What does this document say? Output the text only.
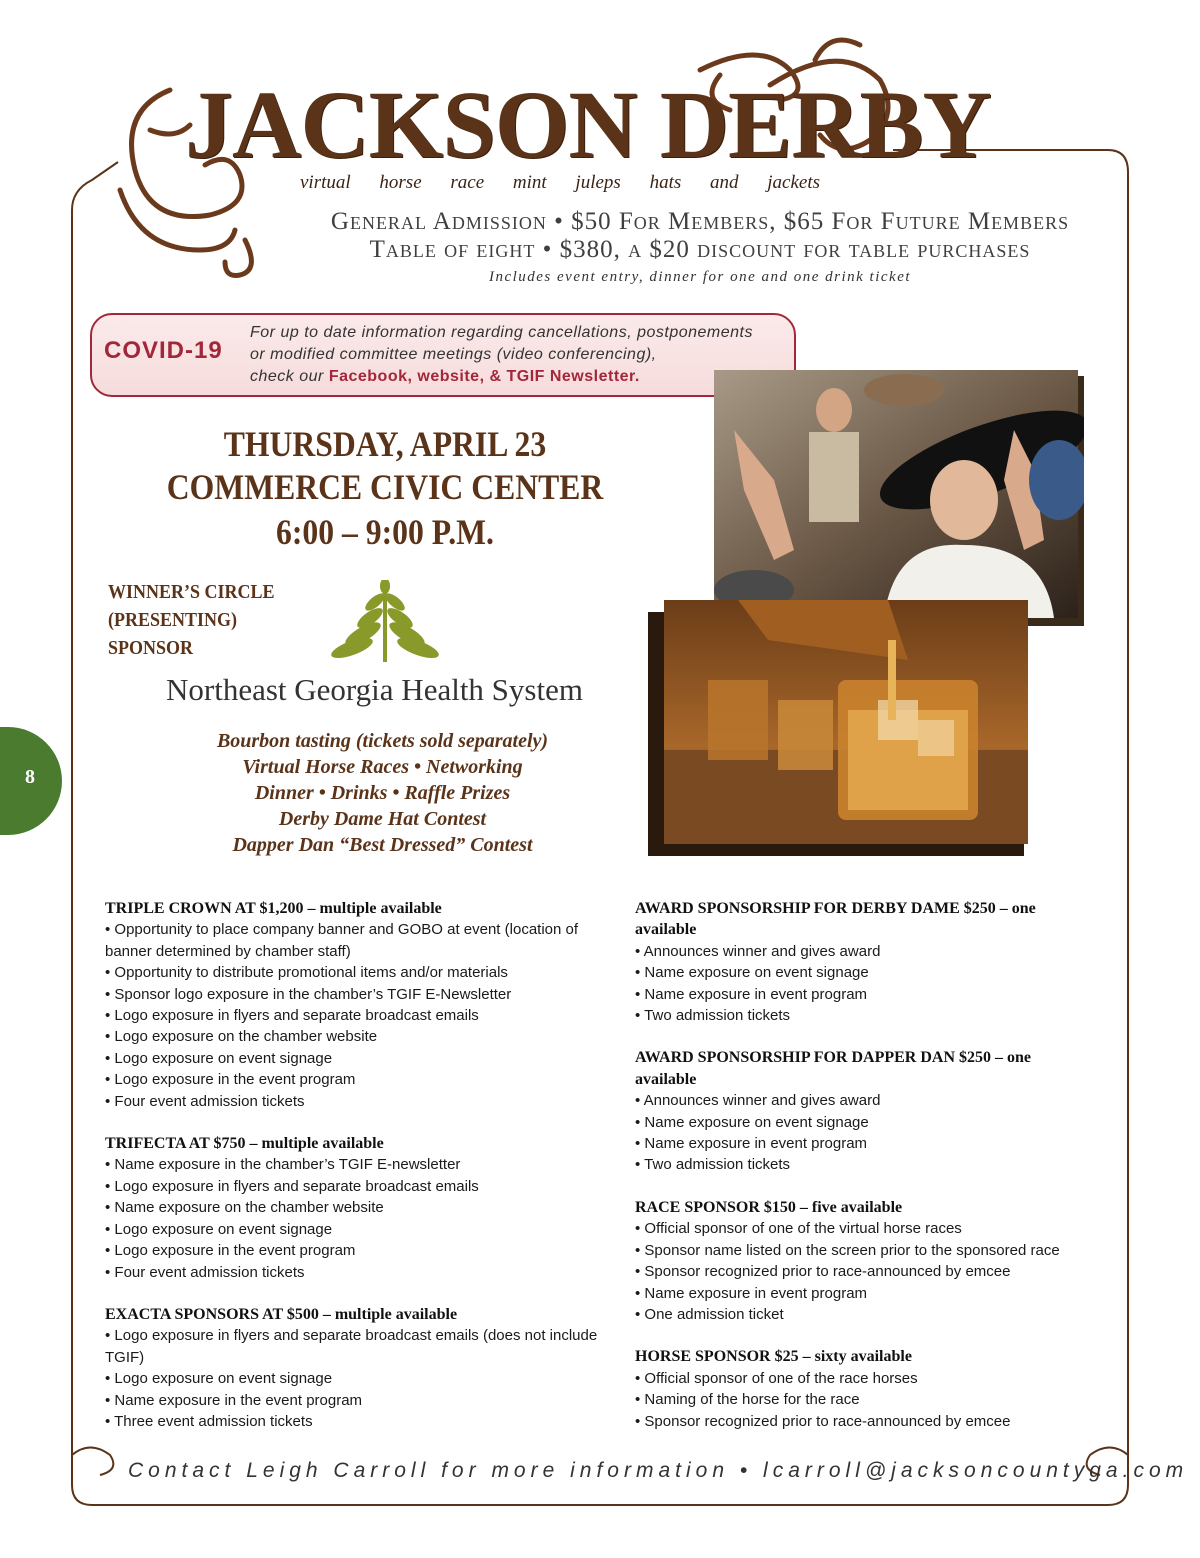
JACKSON DERBY
virtual horse race mint juleps hats and jackets
General Admission • $50 For Members, $65 For Future Members
Table of eight • $380, a $20 discount for table purchases
Includes event entry, dinner for one and one drink ticket
COVID-19
For up to date information regarding cancellations, postponements
or modified committee meetings (video conferencing),
check our Facebook, website, & TGIF Newsletter.
THURSDAY, APRIL 23
COMMERCE CIVIC CENTER
6:00 – 9:00 P.M.
WINNER’S CIRCLE
(PRESENTING) SPONSOR
Northeast Georgia Health System
Bourbon tasting (tickets sold separately)
Virtual Horse Races • Networking
Dinner • Drinks • Raffle Prizes
Derby Dame Hat Contest
Dapper Dan “Best Dressed” Contest
8
TRIPLE CROWN AT $1,200 – multiple available
• Opportunity to place company banner and GOBO at event (location of banner determined by chamber staff)
• Opportunity to distribute promotional items and/or materials
• Sponsor logo exposure in the chamber’s TGIF E-Newsletter
• Logo exposure in flyers and separate broadcast emails
• Logo exposure on the chamber website
• Logo exposure on event signage
• Logo exposure in the event program
• Four event admission tickets
TRIFECTA AT $750 – multiple available
• Name exposure in the chamber’s TGIF E-newsletter
• Logo exposure in flyers and separate broadcast emails
• Name exposure on the chamber website
• Logo exposure on event signage
• Logo exposure in the event program
• Four event admission tickets
EXACTA SPONSORS AT $500 – multiple available
• Logo exposure in flyers and separate broadcast emails (does not include TGIF)
• Logo exposure on event signage
• Name exposure in the event program
• Three event admission tickets
AWARD SPONSORSHIP FOR DERBY DAME $250 – one available
• Announces winner and gives award
• Name exposure on event signage
• Name exposure in event program
• Two admission tickets
AWARD SPONSORSHIP FOR DAPPER DAN $250 – one available
• Announces winner and gives award
• Name exposure on event signage
• Name exposure in event program
• Two admission tickets
RACE SPONSOR $150 – five available
• Official sponsor of one of the virtual horse races
• Sponsor name listed on the screen prior to the sponsored race
• Sponsor recognized prior to race-announced by emcee
• Name exposure in event program
• One admission ticket
HORSE SPONSOR $25 – sixty available
• Official sponsor of one of the race horses
• Naming of the horse for the race
• Sponsor recognized prior to race-announced by emcee
Contact Leigh Carroll for more information • lcarroll@jacksoncountyga.com
